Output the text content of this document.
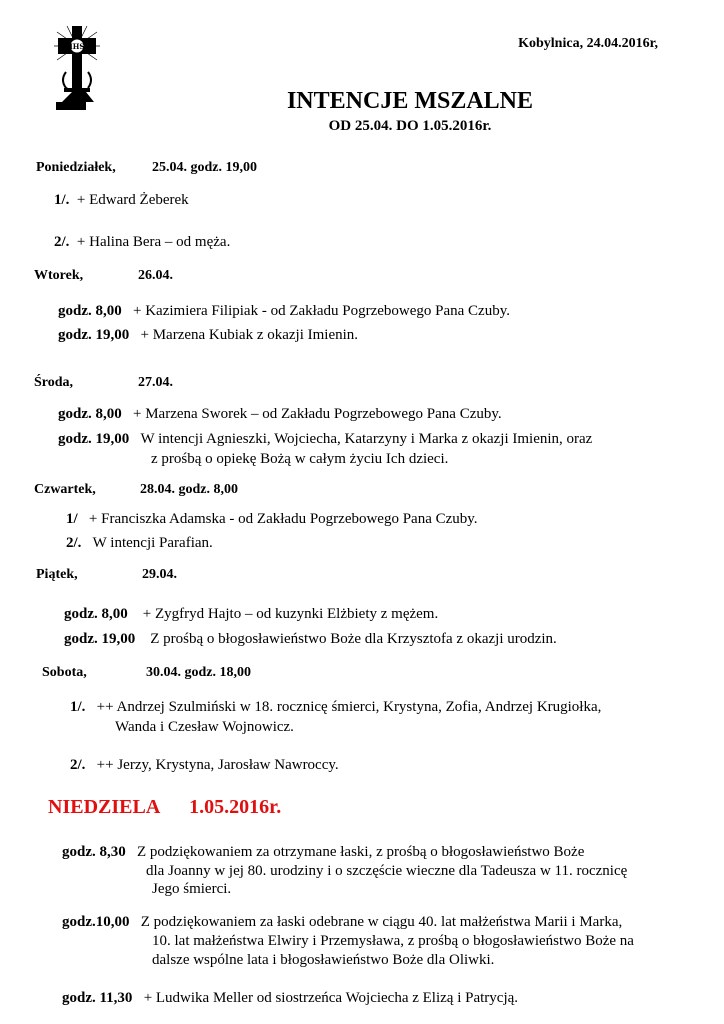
IHS	Kobylnica, 24.04.2016r,
INTENCJE MSZALNE
OD 25.04. DO 1.05.2016r.
Poniedziałek,	25.04. godz. 19,00
1/. + Edward Żeberek
2/. + Halina Bera – od męża.
Wtorek,	26.04.
godz. 8,00 + Kazimiera Filipiak - od Zakładu Pogrzebowego Pana Czuby.
godz. 19,00 + Marzena Kubiak z okazji Imienin.
Środa,	27.04.
godz. 8,00 + Marzena Sworek – od Zakładu Pogrzebowego Pana Czuby.
godz. 19,00 W intencji Agnieszki, Wojciecha, Katarzyny i Marka z okazji Imienin, oraz
z prośbą o opiekę Bożą w całym życiu Ich dzieci.
Czwartek,	28.04. godz. 8,00
1/ + Franciszka Adamska - od Zakładu Pogrzebowego Pana Czuby.
2/. W intencji Parafian.
Piątek,	29.04.
godz. 8,00 + Zygfryd Hajto – od kuzynki Elżbiety z mężem.
godz. 19,00 Z prośbą o błogosławieństwo Boże dla Krzysztofa z okazji urodzin.
Sobota,	30.04. godz. 18,00
1/. ++ Andrzej Szulmiński w 18. rocznicę śmierci, Krystyna, Zofia, Andrzej Krugiołka,
Wanda i Czesław Wojnowicz.
2/. ++ Jerzy, Krystyna, Jarosław Nawroccy.
NIEDZIELA      1.05.2016r.
godz. 8,30 Z podziękowaniem za otrzymane łaski, z prośbą o błogosławieństwo Boże
dla Joanny w jej 80. urodziny i o szczęście wieczne dla Tadeusza w 11. rocznicę
Jego śmierci.
godz.10,00 Z podziękowaniem za łaski odebrane w ciągu 40. lat małżeństwa Marii i Marka,
10. lat małżeństwa Elwiry i Przemysława, z prośbą o błogosławieństwo Boże na
dalsze wspólne lata i błogosławieństwo Boże dla Oliwki.
godz. 11,30 + Ludwika Meller od siostrzeńca Wojciecha z Elizą i Patrycją.
